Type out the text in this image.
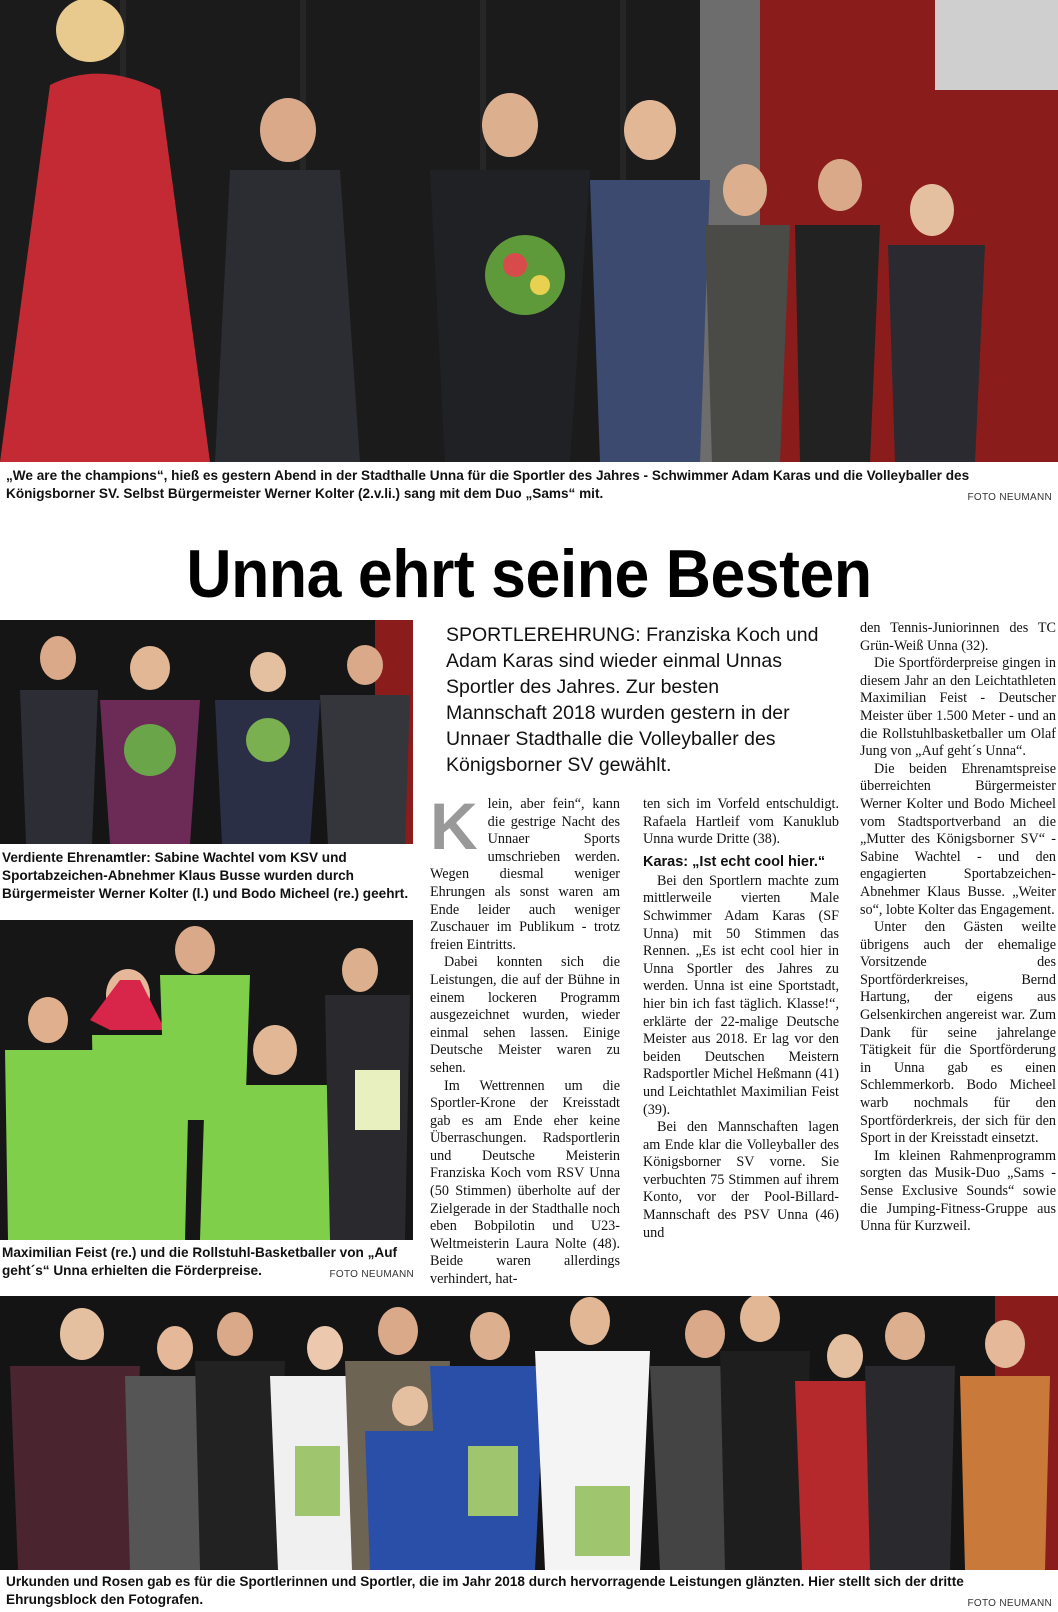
„We are the champions“, hieß es gestern Abend in der Stadthalle Unna für die Sportler des Jahres - Schwimmer Adam Karas und die Volleyballer des Königsborner SV. Selbst Bürgermeister Werner Kolter (2.v.li.) sang mit dem Duo „Sams“ mit.	FOTO NEUMANN
Unna ehrt seine Besten
Verdiente Ehrenamtler: Sabine Wachtel vom KSV und Sportabzeichen-Abnehmer Klaus Busse wurden durch Bürgermeister Werner Kolter (l.) und Bodo Micheel (re.) geehrt.
Maximilian Feist (re.) und die Rollstuhl-Basketballer von „Auf geht´s“ Unna erhielten die Förderpreise.	FOTO NEUMANN
SPORTLEREHRUNG: Franziska Koch und Adam Karas sind wieder einmal Unnas Sportler des Jahres. Zur besten Mannschaft 2018 wurden gestern in der Unnaer Stadthalle die Volleyballer des Königsborner SV gewählt.
K lein, aber fein“, kann die gestrige Nacht des Unnaer Sports umschrieben werden. Wegen diesmal weniger Ehrungen als sonst waren am Ende leider auch weniger Zuschauer im Publikum - trotz freien Eintritts.

Dabei konnten sich die Leistungen, die auf der Bühne in einem lockeren Programm ausgezeichnet wurden, wieder einmal sehen lassen. Einige Deutsche Meister waren zu sehen.

Im Wettrennen um die Sportler-Krone der Kreisstadt gab es am Ende eher keine Überraschungen. Radsportlerin und Deutsche Meisterin Franziska Koch vom RSV Unna (50 Stimmen) überholte auf der Zielgerade in der Stadthalle noch eben Bobpilotin und U23-Weltmeisterin Laura Nolte (48). Beide waren allerdings verhindert, hat-

ten sich im Vorfeld entschuldigt. Rafaela Hartleif vom Kanuklub Unna wurde Dritte (38).

Karas: „Ist echt cool hier.“

Bei den Sportlern machte zum mittlerweile vierten Male Schwimmer Adam Karas (SF Unna) mit 50 Stimmen das Rennen. „Es ist echt cool hier in Unna Sportler des Jahres zu werden. Unna ist eine Sportstadt, hier bin ich fast täglich. Klasse!“, erklärte der 22-malige Deutsche Meister aus 2018. Er lag vor den beiden Deutschen Meistern Radsportler Michel Heßmann (41) und Leichtathlet Maximilian Feist (39).

Bei den Mannschaften lagen am Ende klar die Volleyballer des Königsborner SV vorne. Sie verbuchten 75 Stimmen auf ihrem Konto, vor der Pool-Billard-Mannschaft des PSV Unna (46) und

den Tennis-Juniorinnen des TC Grün-Weiß Unna (32).

Die Sportförderpreise gingen in diesem Jahr an den Leichtathleten Maximilian Feist - Deutscher Meister über 1.500 Meter - und an die Rollstuhlbasketballer um Olaf Jung von „Auf geht´s Unna“.

Die beiden Ehrenamtspreise überreichten Bürgermeister Werner Kolter und Bodo Micheel vom Stadtsportverband an die „Mutter des Königsborner SV“ - Sabine Wachtel - und den engagierten Sportabzeichen-Abnehmer Klaus Busse. „Weiter so“, lobte Kolter das Engagement.

Unter den Gästen weilte übrigens auch der ehemalige Vorsitzende des Sportförderkreises, Bernd Hartung, der eigens aus Gelsenkirchen angereist war. Zum Dank für seine jahrelange Tätigkeit für die Sportförderung in Unna gab es einen Schlemmerkorb. Bodo Micheel warb nochmals für den Sportförderkreis, der sich für den Sport in der Kreisstadt einsetzt.

Im kleinen Rahmenprogramm sorgten das Musik-Duo „Sams - Sense Exclusive Sounds“ sowie die Jumping-Fitness-Gruppe aus Unna für Kurzweil.

Urkunden und Rosen gab es für die Sportlerinnen und Sportler, die im Jahr 2018 durch hervorragende Leistungen glänzten. Hier stellt sich der dritte Ehrungsblock den Fotografen.	FOTO NEUMANN
